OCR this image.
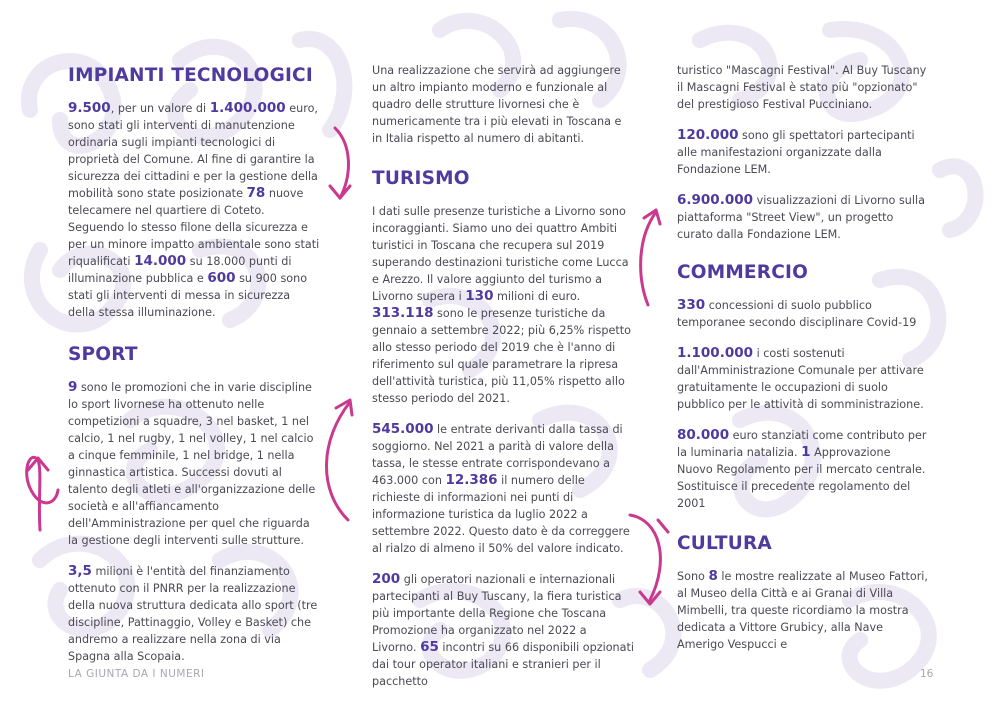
IMPIANTI TECNOLOGICI

9.500, per un valore di 1.400.000 euro, sono stati gli interventi di manutenzione ordinaria sugli impianti tecnologici di proprietà del Comune. Al fine di garantire la sicurezza dei cittadini e per la gestione della mobilità sono state posizionate 78 nuove telecamere nel quartiere di Coteto. Seguendo lo stesso filone della sicurezza e per un minore impatto ambientale sono stati riqualificati 14.000 su 18.000 punti di illuminazione pubblica e 600 su 900 sono stati gli interventi di messa in sicurezza della stessa illuminazione.

SPORT

9 sono le promozioni che in varie discipline lo sport livornese ha ottenuto nelle competizioni a squadre, 3 nel basket, 1 nel calcio, 1 nel rugby, 1 nel volley, 1 nel calcio a cinque femminile, 1 nel bridge, 1 nella ginnastica artistica. Successi dovuti al talento degli atleti e all'organizzazione delle società e all'affiancamento dell'Amministrazione per quel che riguarda la gestione degli interventi sulle strutture.

3,5 milioni è l'entità del finanziamento ottenuto con il PNRR per la realizzazione della nuova struttura dedicata allo sport (tre discipline, Pattinaggio, Volley e Basket) che andremo a realizzare nella zona di via Spagna alla Scopaia.

Una realizzazione che servirà ad aggiungere un altro impianto moderno e funzionale al quadro delle strutture livornesi che è numericamente tra i più elevati in Toscana e in Italia rispetto al numero di abitanti.

TURISMO

I dati sulle presenze turistiche a Livorno sono incoraggianti. Siamo uno dei quattro Ambiti turistici in Toscana che recupera sul 2019 superando destinazioni turistiche come Lucca e Arezzo. Il valore aggiunto del turismo a Livorno supera i 130 milioni di euro. 313.118 sono le presenze turistiche da gennaio a settembre 2022; più 6,25% rispetto allo stesso periodo del 2019 che è l'anno di riferimento sul quale parametrare la ripresa dell'attività turistica, più 11,05% rispetto allo stesso periodo del 2021.

545.000 le entrate derivanti dalla tassa di soggiorno. Nel 2021 a parità di valore della tassa, le stesse entrate corrispondevano a 463.000 con 12.386 il numero delle richieste di informazioni nei punti di informazione turistica da luglio 2022 a settembre 2022. Questo dato è da correggere al rialzo di almeno il 50% del valore indicato.

200 gli operatori nazionali e internazionali partecipanti al Buy Tuscany, la fiera turistica più importante della Regione che Toscana Promozione ha organizzato nel 2022 a Livorno. 65 incontri su 66 disponibili opzionati dai tour operator italiani e stranieri per il pacchetto

turistico "Mascagni Festival". Al Buy Tuscany il Mascagni Festival è stato più "opzionato" del prestigioso Festival Pucciniano.

120.000 sono gli spettatori partecipanti alle manifestazioni organizzate dalla Fondazione LEM.

6.900.000 visualizzazioni di Livorno sulla piattaforma "Street View", un progetto curato dalla Fondazione LEM.

COMMERCIO

330 concessioni di suolo pubblico temporanee secondo disciplinare Covid-19

1.100.000 i costi sostenuti dall'Amministrazione Comunale per attivare gratuitamente le occupazioni di suolo pubblico per le attività di somministrazione.

80.000 euro stanziati come contributo per la luminaria natalizia. 1 Approvazione Nuovo Regolamento per il mercato centrale. Sostituisce il precedente regolamento del 2001

CULTURA

Sono 8 le mostre realizzate al Museo Fattori, al Museo della Città e ai Granai di Villa Mimbelli, tra queste ricordiamo la mostra dedicata a Vittore Grubicy, alla Nave Amerigo Vespucci e

LA GIUNTA DA I NUMERI	16
